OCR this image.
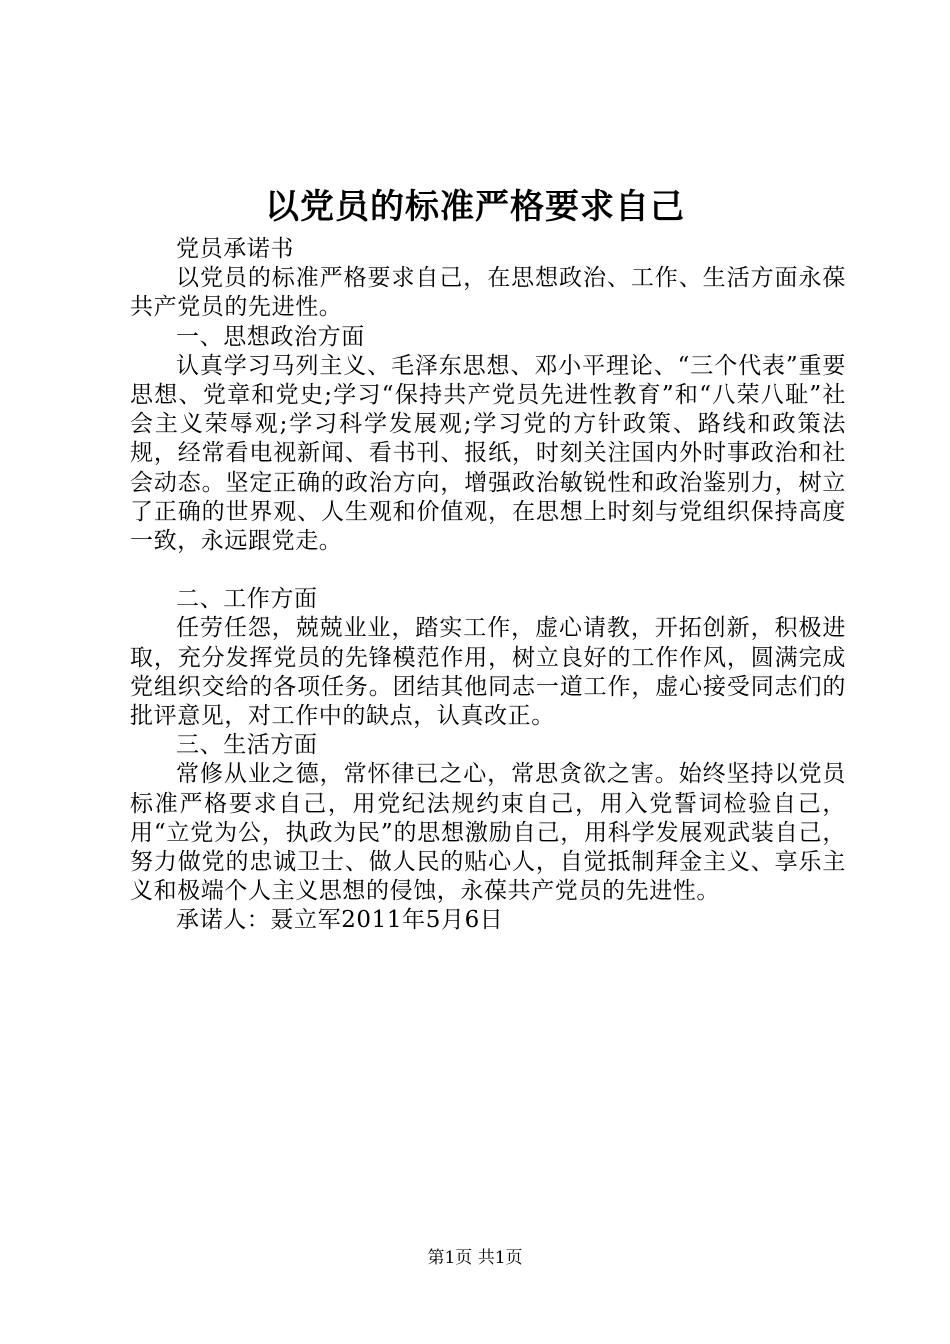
以党员的标准严格要求自己

党员承诺书

以党员的标准严格要求自己，在思想政治、工作、生活方面永葆共产党员的先进性。

一、思想政治方面

认真学习马列主义、毛泽东思想、邓小平理论、“三个代表”重要思想、党章和党史;学习“保持共产党员先进性教育”和“八荣八耻”社会主义荣辱观;学习科学发展观;学习党的方针政策、路线和政策法规，经常看电视新闻、看书刊、报纸，时刻关注国内外时事政治和社会动态。坚定正确的政治方向，增强政治敏锐性和政治鉴别力，树立了正确的世界观、人生观和价值观，在思想上时刻与党组织保持高度一致，永远跟党走。

二、工作方面

任劳任怨，兢兢业业，踏实工作，虚心请教，开拓创新，积极进取，充分发挥党员的先锋模范作用，树立良好的工作作风，圆满完成党组织交给的各项任务。团结其他同志一道工作，虚心接受同志们的批评意见，对工作中的缺点，认真改正。

三、生活方面

常修从业之德，常怀律已之心，常思贪欲之害。始终坚持以党员标准严格要求自己，用党纪法规约束自己，用入党誓词检验自己，用“立党为公，执政为民”的思想激励自己，用科学发展观武装自己，努力做党的忠诚卫士、做人民的贴心人，自觉抵制拜金主义、享乐主义和极端个人主义思想的侵蚀，永葆共产党员的先进性。

承诺人：聂立军2011年5月6日

第1页 共1页
